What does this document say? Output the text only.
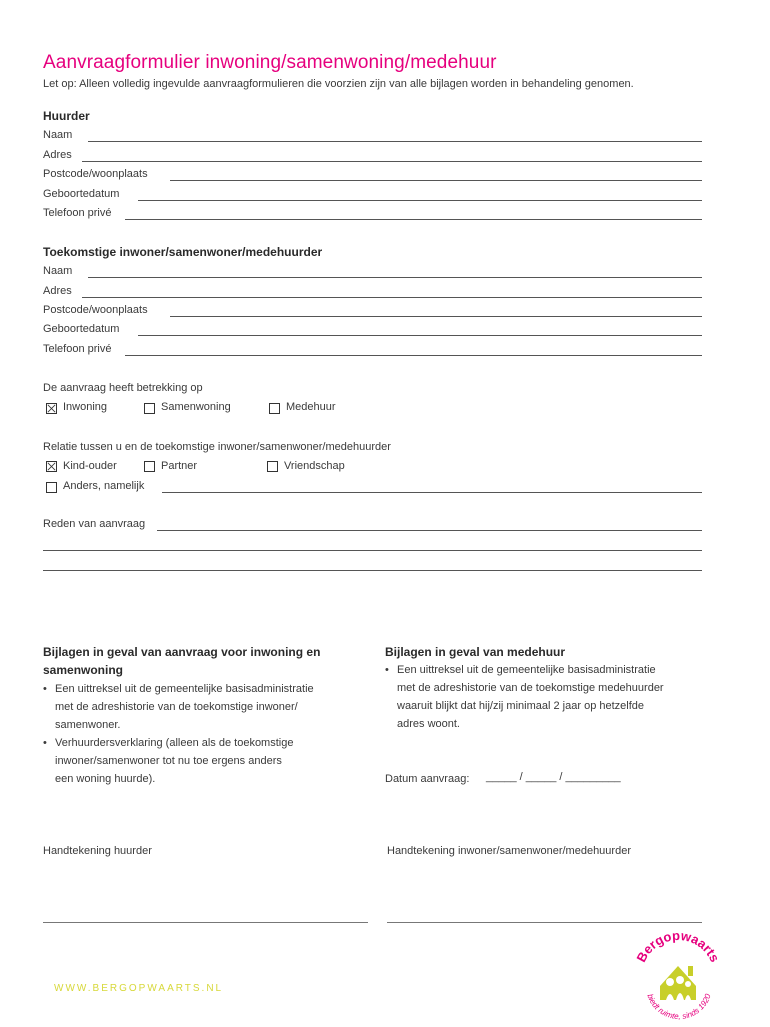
Aanvraagformulier inwoning/samenwoning/medehuur
Let op: Alleen volledig ingevulde aanvraagformulieren die voorzien zijn van alle bijlagen worden in behandeling genomen.
Huurder
Naam
Adres
Postcode/woonplaats
Geboortedatum
Telefoon privé
Toekomstige inwoner/samenwoner/medehuurder
Naam
Adres
Postcode/woonplaats
Geboortedatum
Telefoon privé
De aanvraag heeft betrekking op
Inwoning	Samenwoning	Medehuur
Relatie tussen u en de toekomstige inwoner/samenwoner/medehuurder
Kind-ouder	Partner	Vriendschap
Anders, namelijk
Reden van aanvraag
Bijlagen in geval van aanvraag voor inwoning en
samenwoning
• Een uittreksel uit de gemeentelijke basisadministratie
met de adreshistorie van de toekomstige inwoner/
samenwoner.
• Verhuurdersverklaring (alleen als de toekomstige
inwoner/samenwoner tot nu toe ergens anders
een woning huurde).
Bijlagen in geval van medehuur
• Een uittreksel uit de gemeentelijke basisadministratie
met de adreshistorie van de toekomstige medehuurder
waaruit blijkt dat hij/zij minimaal 2 jaar op hetzelfde
adres woont.
Datum aanvraag: _____ / _____ / _________
Handtekening huurder	Handtekening inwoner/samenwoner/medehuurder
WWW.BERGOPWAARTS.NL
Bergopwaarts
biedt ruimte, sinds 1920
